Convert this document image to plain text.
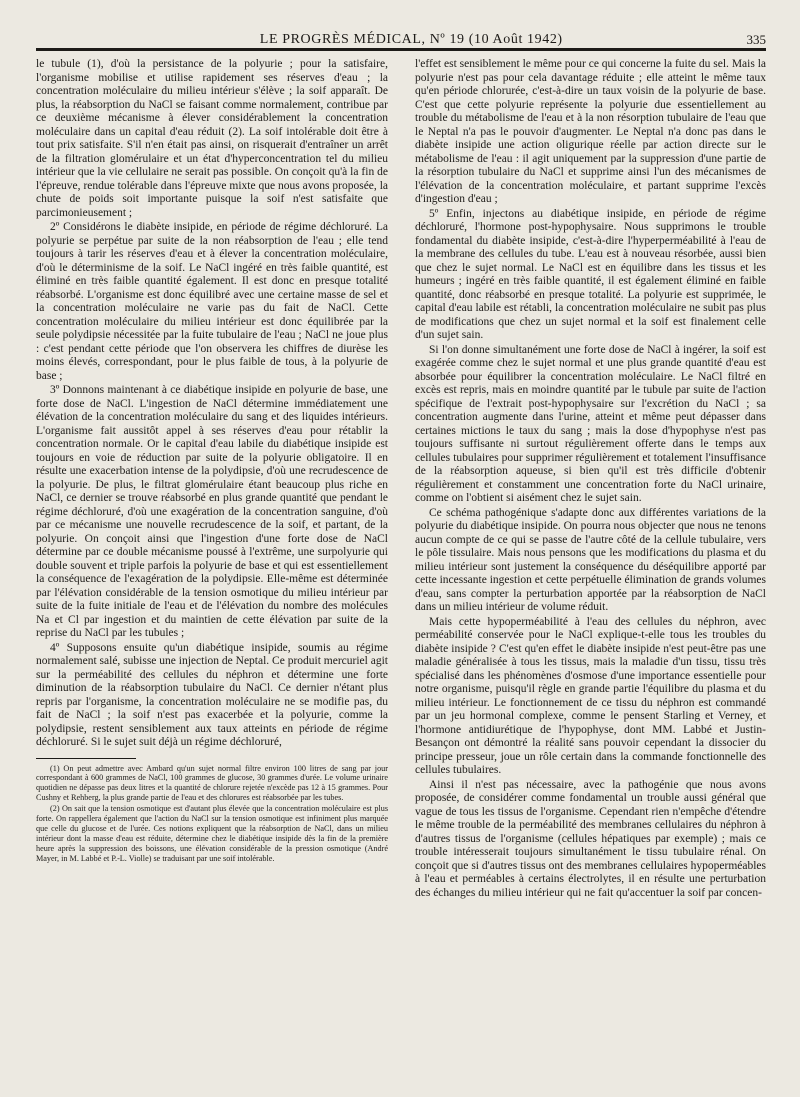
LE PROGRÈS MÉDICAL, Nº 19 (10 Août 1942)	335

le tubule (1), d'où la persistance de la polyurie ; pour la satisfaire, l'organisme mobilise et utilise rapidement ses réserves d'eau ; la concentration moléculaire du milieu intérieur s'élève ; la soif apparaît. De plus, la réabsorption du NaCl se faisant comme normalement, contribue par ce deuxième mécanisme à élever considérablement la concentration moléculaire dans un capital d'eau réduit (2). La soif intolérable doit être à tout prix satisfaite. S'il n'en était pas ainsi, on risquerait d'entraîner un arrêt de la filtration glomérulaire et un état d'hyperconcentration tel du milieu intérieur que la vie cellulaire ne serait pas possible. On conçoit qu'à la fin de l'épreuve, rendue tolérable dans l'épreuve mixte que nous avons proposée, la chute de poids soit importante puisque la soif n'est satisfaite que parcimonieusement ;

2º Considérons le diabète insipide, en période de régime déchloruré. La polyurie se perpétue par suite de la non réabsorption de l'eau ; elle tend toujours à tarir les réserves d'eau et à élever la concentration moléculaire, d'où le déterminisme de la soif. Le NaCl ingéré en très faible quantité, est éliminé en très faible quantité également. Il est donc en presque totalité réabsorbé. L'organisme est donc équilibré avec une certaine masse de sel et la concentration moléculaire ne varie pas du fait de NaCl. Cette concentration moléculaire du milieu intérieur est donc équilibrée par la seule polydipsie nécessitée par la fuite tubulaire de l'eau ; NaCl ne joue plus : c'est pendant cette période que l'on observera les chiffres de diurèse les moins élevés, correspondant, pour le plus faible de tous, à la polyurie de base ;

3º Donnons maintenant à ce diabétique insipide en polyurie de base, une forte dose de NaCl. L'ingestion de NaCl détermine immédiatement une élévation de la concentration moléculaire du sang et des liquides intérieurs. L'organisme fait aussitôt appel à ses réserves d'eau pour rétablir la concentration normale. Or le capital d'eau labile du diabétique insipide est toujours en voie de réduction par suite de la polyurie obligatoire. Il en résulte une exacerbation intense de la polydipsie, d'où une recrudescence de la polyurie. De plus, le filtrat glomérulaire étant beaucoup plus riche en NaCl, ce dernier se trouve réabsorbé en plus grande quantité que pendant le régime déchloruré, d'où une exagération de la concentration sanguine, d'où par ce mécanisme une nouvelle recrudescence de la soif, et partant, de la polyurie. On conçoit ainsi que l'ingestion d'une forte dose de NaCl détermine par ce double mécanisme poussé à l'extrême, une surpolyurie qui double souvent et triple parfois la polyurie de base et qui est essentiellement la conséquence de l'exagération de la polydipsie. Elle-même est déterminée par l'élévation considérable de la tension osmotique du milieu intérieur par suite de la fuite initiale de l'eau et de l'élévation du nombre des molécules Na et Cl par ingestion et du maintien de cette élévation par suite de la reprise du NaCl par les tubules ;

4º Supposons ensuite qu'un diabétique insipide, soumis au régime normalement salé, subisse une injection de Neptal. Ce produit mercuriel agit sur la perméabilité des cellules du néphron et détermine une forte diminution de la réabsorption tubulaire du NaCl. Ce dernier n'étant plus repris par l'organisme, la concentration moléculaire ne se modifie pas, du fait de NaCl ; la soif n'est pas exacerbée et la polyurie, comme la polydipsie, restent sensiblement aux taux atteints en période de régime déchloruré. Si le sujet suit déjà un régime déchloruré,

(1) On peut admettre avec Ambard qu'un sujet normal filtre environ 100 litres de sang par jour correspondant à 600 grammes de NaCl, 100 grammes de glucose, 30 grammes d'urée. Le volume urinaire quotidien ne dépasse pas deux litres et la quantité de chlorure rejetée n'excède pas 12 à 15 grammes. Pour Cushny et Rehberg, la plus grande partie de l'eau et des chlorures est réabsorbée par les tubes.

(2) On sait que la tension osmotique est d'autant plus élevée que la concentration moléculaire est plus forte. On rappellera également que l'action du NaCl sur la tension osmotique est infiniment plus marquée que celle du glucose et de l'urée. Ces notions expliquent que la réabsorption de NaCl, dans un milieu intérieur dont la masse d'eau est réduite, détermine chez le diabétique insipide dès la fin de la première heure après la suppression des boissons, une élévation considérable de la pression osmotique (André Mayer, in M. Labbé et P.-L. Violle) se traduisant par une soif intolérable.

l'effet est sensiblement le même pour ce qui concerne la fuite du sel. Mais la polyurie n'est pas pour cela davantage réduite ; elle atteint le même taux qu'en période chlorurée, c'est-à-dire un taux voisin de la polyurie de base. C'est que cette polyurie représente la polyurie due essentiellement au trouble du métabolisme de l'eau et à la non résorption tubulaire de l'eau que le Neptal n'a pas le pouvoir d'augmenter. Le Neptal n'a donc pas dans le diabète insipide une action oligurique réelle par action directe sur le métabolisme de l'eau : il agit uniquement par la suppression d'une partie de la résorption tubulaire du NaCl et supprime ainsi l'un des mécanismes de l'élévation de la concentration moléculaire, et partant supprime l'excès d'ingestion d'eau ;

5º Enfin, injectons au diabétique insipide, en période de régime déchloruré, l'hormone post-hypophysaire. Nous supprimons le trouble fondamental du diabète insipide, c'est-à-dire l'hyperperméabilité à l'eau de la membrane des cellules du tube. L'eau est à nouveau résorbée, aussi bien que chez le sujet normal. Le NaCl est en équilibre dans les tissus et les humeurs ; ingéré en très faible quantité, il est également éliminé en faible quantité, donc réabsorbé en presque totalité. La polyurie est supprimée, le capital d'eau labile est rétabli, la concentration moléculaire ne subit pas plus de modifications que chez un sujet normal et la soif est finalement celle d'un sujet sain.

Si l'on donne simultanément une forte dose de NaCl à ingérer, la soif est exagérée comme chez le sujet normal et une plus grande quantité d'eau est absorbée pour équilibrer la concentration moléculaire. Le NaCl filtré en excès est repris, mais en moindre quantité par le tubule par suite de l'action spécifique de l'extrait post-hypophysaire sur l'excrétion du NaCl ; sa concentration augmente dans l'urine, atteint et même peut dépasser dans certaines mictions le taux du sang ; mais la dose d'hypophyse n'est pas toujours suffisante ni surtout régulièrement offerte dans le temps aux cellules tubulaires pour supprimer régulièrement et totalement l'insuffisance de la réabsorption aqueuse, si bien qu'il est très difficile d'obtenir régulièrement et constamment une concentration forte du NaCl urinaire, comme on l'obtient si aisément chez le sujet sain.

Ce schéma pathogénique s'adapte donc aux différentes variations de la polyurie du diabétique insipide. On pourra nous objecter que nous ne tenons aucun compte de ce qui se passe de l'autre côté de la cellule tubulaire, vers le pôle tissulaire. Mais nous pensons que les modifications du plasma et du milieu intérieur sont justement la conséquence du déséquilibre apporté par cette incessante ingestion et cette perpétuelle élimination de grands volumes d'eau, sans compter la perturbation apportée par la réabsorption de NaCl dans un milieu intérieur de volume réduit.

Mais cette hypoperméabilité à l'eau des cellules du néphron, avec perméabilité conservée pour le NaCl explique-t-elle tous les troubles du diabète insipide ? C'est qu'en effet le diabète insipide n'est peut-être pas une maladie généralisée à tous les tissus, mais la maladie d'un tissu, tissu très spécialisé dans les phénomènes d'osmose d'une importance essentielle pour notre organisme, puisqu'il règle en grande partie l'équilibre du plasma et du milieu intérieur. Le fonctionnement de ce tissu du néphron est commandé par un jeu hormonal complexe, comme le pensent Starling et Verney, et l'hormone antidiurétique de l'hypophyse, dont MM. Labbé et Justin-Besançon ont démontré la réalité sans pouvoir cependant la dissocier du principe presseur, joue un rôle certain dans la commande fonctionnelle des cellules tubulaires.

Ainsi il n'est pas nécessaire, avec la pathogénie que nous avons proposée, de considérer comme fondamental un trouble aussi général que vague de tous les tissus de l'organisme. Cependant rien n'empêche d'étendre le même trouble de la perméabilité des membranes cellulaires du néphron à d'autres tissus de l'organisme (cellules hépatiques par exemple) ; mais ce trouble intéresserait toujours simultanément le tissu tubulaire rénal. On conçoit que si d'autres tissus ont des membranes cellulaires hypoperméables à l'eau et perméables à certains électrolytes, il en résulte une perturbation des échanges du milieu intérieur qui ne fait qu'accentuer la soif par concen-
